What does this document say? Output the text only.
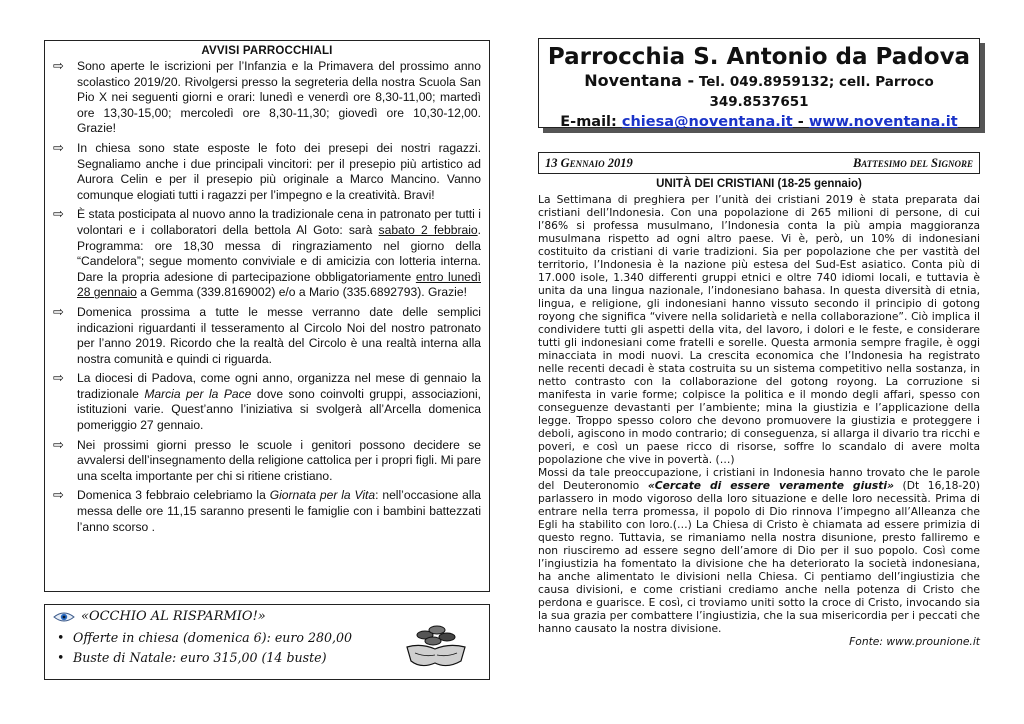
AVVISI PARROCCHIALI
⇨ Sono aperte le iscrizioni per l’Infanzia e la Primavera del prossimo anno scolastico 2019/20. Rivolgersi presso la segreteria della nostra Scuola San Pio X nei seguenti giorni e orari: lunedì e venerdì ore 8,30-11,00; martedì ore 13,30-15,00; mercoledì ore 8,30-11,30; giovedì ore 10,30-12,00. Grazie!
⇨ In chiesa sono state esposte le foto dei presepi dei nostri ragazzi. Segnaliamo anche i due principali vincitori: per il presepio più artistico ad Aurora Celin e per il presepio più originale a Marco Mancino. Vanno comunque elogiati tutti i ragazzi per l’impegno e la creatività. Bravi!
⇨ È stata posticipata al nuovo anno la tradizionale cena in patronato per tutti i volontari e i collaboratori della bettola Al Goto: sarà sabato 2 febbraio. Programma: ore 18,30 messa di ringraziamento nel giorno della “Candelora”; segue momento conviviale e di amicizia con lotteria interna. Dare la propria adesione di partecipazione obbligatoriamente entro lunedì 28 gennaio a Gemma (339.8169002) e/o a Mario (335.6892793). Grazie!
⇨ Domenica prossima a tutte le messe verranno date delle semplici indicazioni riguardanti il tesseramento al Circolo Noi del nostro patronato per l’anno 2019. Ricordo che la realtà del Circolo è una realtà interna alla nostra comunità e quindi ci riguarda.
⇨ La diocesi di Padova, come ogni anno, organizza nel mese di gennaio la tradizionale Marcia per la Pace dove sono coinvolti gruppi, associazioni, istituzioni varie. Quest’anno l’iniziativa si svolgerà all’Arcella domenica pomeriggio 27 gennaio.
⇨ Nei prossimi giorni presso le scuole i genitori possono decidere se avvalersi dell’insegnamento della religione cattolica per i propri figli. Mi pare una scelta importante per chi si ritiene cristiano.
⇨ Domenica 3 febbraio celebriamo la Giornata per la Vita: nell’occasione alla messa delle ore 11,15 saranno presenti le famiglie con i bambini battezzati l’anno scorso .
«OCCHIO AL RISPARMIO!»
• Offerte in chiesa (domenica 6): euro 280,00
• Buste di Natale: euro 315,00 (14 buste)
Parrocchia S. Antonio da Padova
Noventana - Tel. 049.8959132; cell. Parroco 349.8537651
E-mail: chiesa@noventana.it - www.noventana.it
13 Gennaio 2019	Battesimo del Signore
UNITÀ DEI CRISTIANI (18-25 gennaio)

La Settimana di preghiera per l’unità dei cristiani 2019 è stata preparata dai cristiani dell’Indonesia. Con una popolazione di 265 milioni di persone, di cui l’86% si professa musulmano, l’Indonesia conta la più ampia maggioranza musulmana rispetto ad ogni altro paese. Vi è, però, un 10% di indonesiani costituito da cristiani di varie tradizioni. Sia per popolazione che per vastità del territorio, l’Indonesia è la nazione più estesa del Sud-Est asiatico. Conta più di 17.000 isole, 1.340 differenti gruppi etnici e oltre 740 idiomi locali, e tuttavia è unita da una lingua nazionale, l’indonesiano bahasa. In questa diversità di etnia, lingua, e religione, gli indonesiani hanno vissuto secondo il principio di gotong royong che significa “vivere nella solidarietà e nella collaborazione”. Ciò implica il condividere tutti gli aspetti della vita, del lavoro, i dolori e le feste, e considerare tutti gli indonesiani come fratelli e sorelle. Questa armonia sempre fragile, è oggi minacciata in modi nuovi. La crescita economica che l’Indonesia ha registrato nelle recenti decadi è stata costruita su un sistema competitivo nella sostanza, in netto contrasto con la collaborazione del gotong royong. La corruzione si manifesta in varie forme; colpisce la politica e il mondo degli affari, spesso con conseguenze devastanti per l’ambiente; mina la giustizia e l’applicazione della legge. Troppo spesso coloro che devono promuovere la giustizia e proteggere i deboli, agiscono in modo contrario; di conseguenza, si allarga il divario tra ricchi e poveri, e così un paese ricco di risorse, soffre lo scandalo di avere molta popolazione che vive in povertà. (…)

Mossi da tale preoccupazione, i cristiani in Indonesia hanno trovato che le parole del Deuteronomio «Cercate di essere veramente giusti» (Dt 16,18-20) parlassero in modo vigoroso della loro situazione e delle loro necessità. Prima di entrare nella terra promessa, il popolo di Dio rinnova l’impegno all’Alleanza che Egli ha stabilito con loro.(…) La Chiesa di Cristo è chiamata ad essere primizia di questo regno. Tuttavia, se rimaniamo nella nostra disunione, presto falliremo e non riusciremo ad essere segno dell’amore di Dio per il suo popolo. Così come l’ingiustizia ha fomentato la divisione che ha deteriorato la società indonesiana, ha anche alimentato le divisioni nella Chiesa. Ci pentiamo dell’ingiustizia che causa divisioni, e come cristiani crediamo anche nella potenza di Cristo che perdona e guarisce. E così, ci troviamo uniti sotto la croce di Cristo, invocando sia la sua grazia per combattere l’ingiustizia, che la sua misericordia per i peccati che hanno causato la nostra divisione.

Fonte: www.prounione.it
